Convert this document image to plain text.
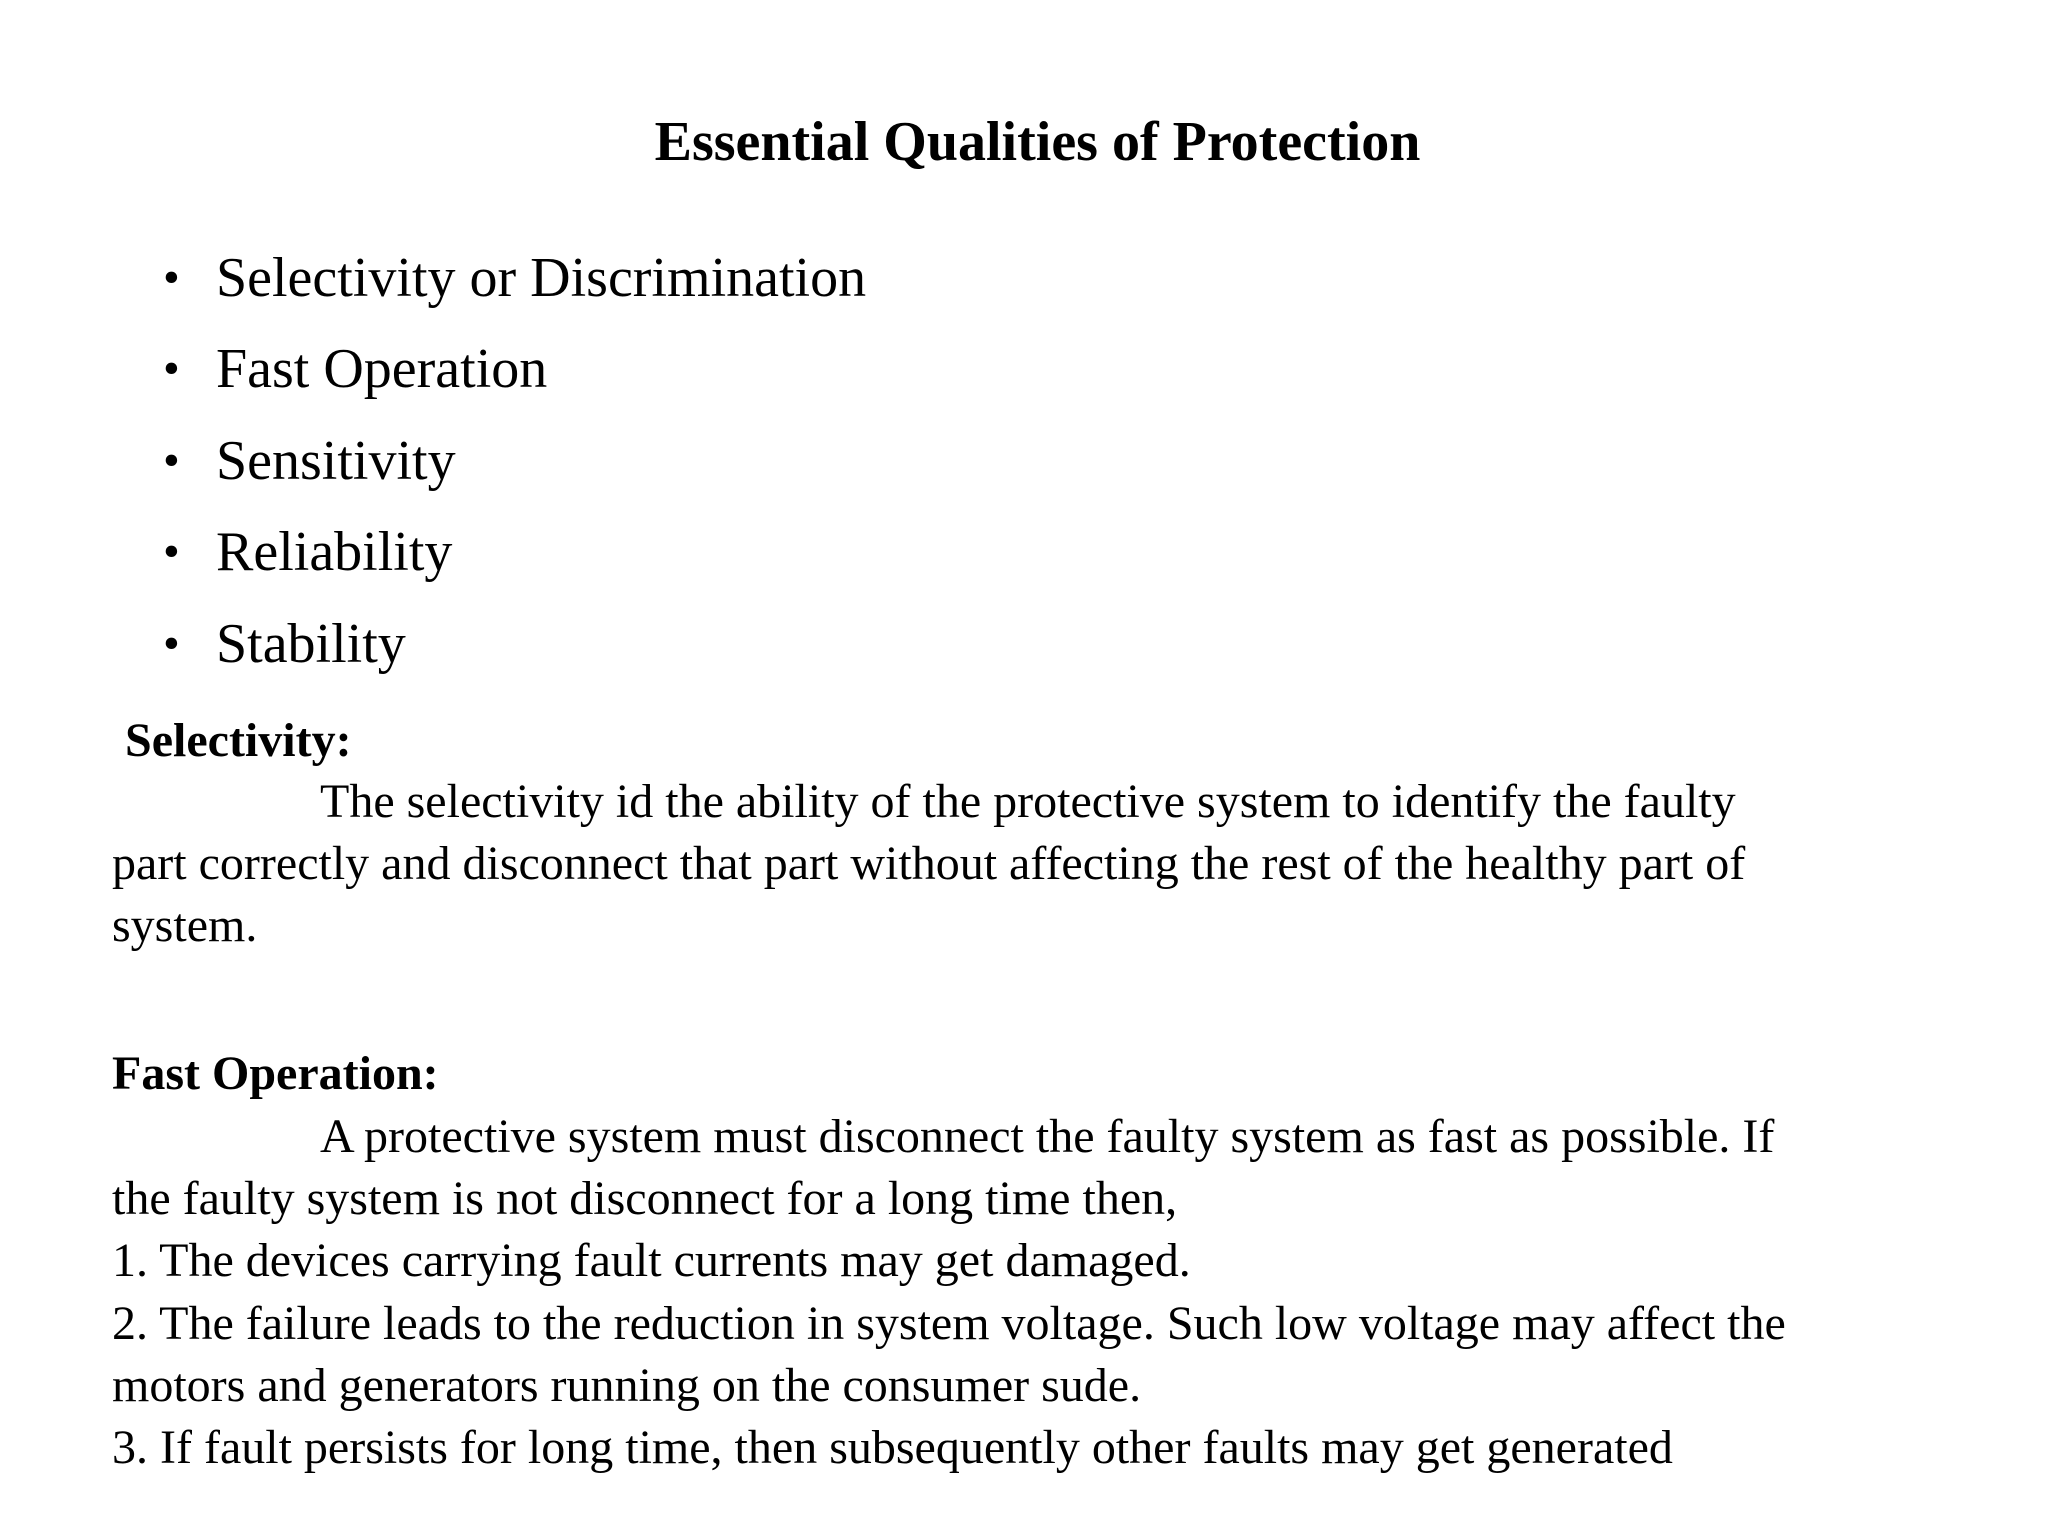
Essential Qualities of Protection
• Selectivity or Discrimination
• Fast Operation
• Sensitivity
• Reliability
• Stability
Selectivity:
The selectivity id the ability of the protective system to identify the faulty
part correctly and disconnect that part without affecting the rest of the healthy part of
system.
Fast Operation:
A protective system must disconnect the faulty system as fast as possible. If
the faulty system is not disconnect for a long time then,
1. The devices carrying fault currents may get damaged.
2. The failure leads to the reduction in system voltage. Such low voltage may affect the
motors and generators running on the consumer sude.
3. If fault persists for long time, then subsequently other faults may get generated
